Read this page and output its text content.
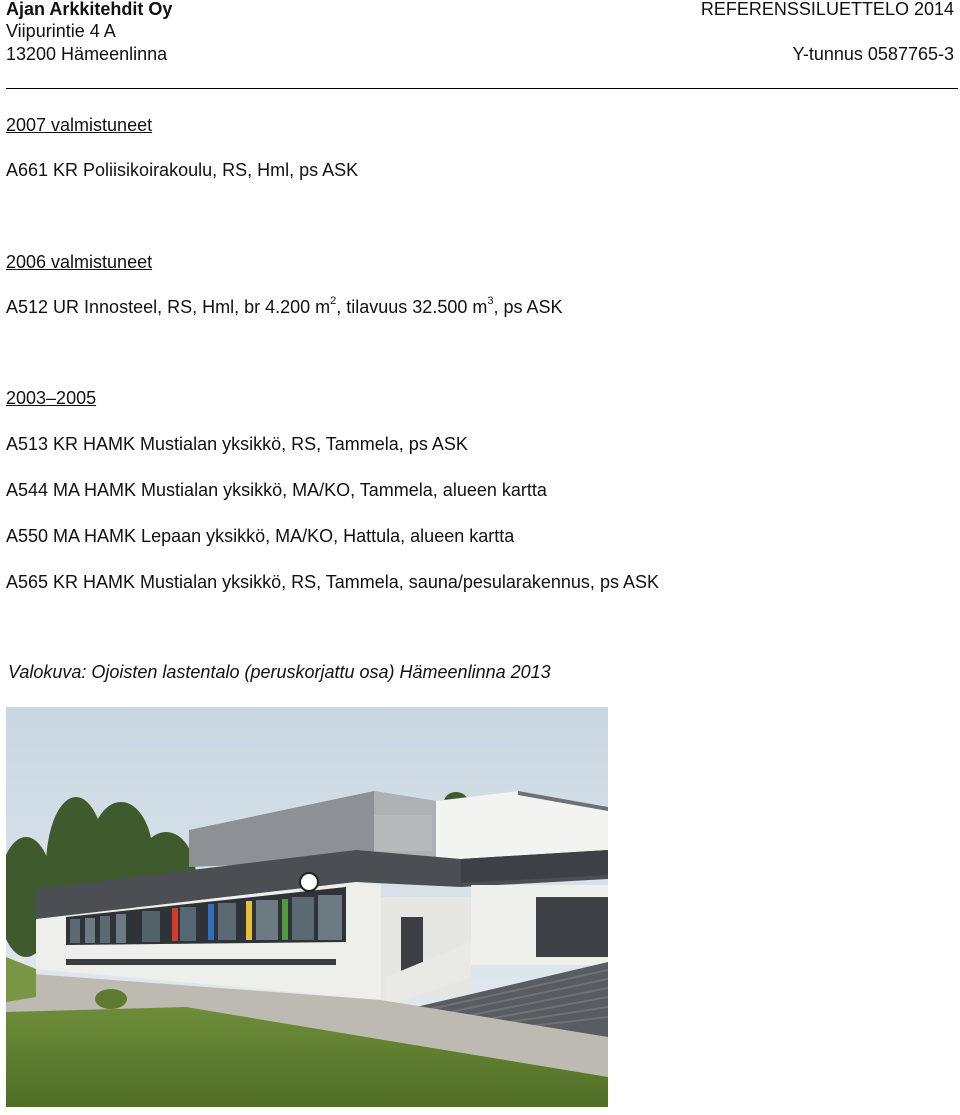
Ajan Arkkitehdit Oy
Viipurintie 4 A
13200 Hämeenlinna
REFERENSSILUETTELO 2014
Y-tunnus 0587765-3
2007 valmistuneet
A661 KR Poliisikoirakoulu, RS, Hml, ps ASK
2006 valmistuneet
A512 UR Innosteel, RS, Hml, br 4.200 $m^2$, tilavuus 32.500 $m^3$, ps ASK
2003–2005
A513 KR HAMK Mustialan yksikkö, RS, Tammela, ps ASK
A544 MA HAMK Mustialan yksikkö, MA/KO, Tammela, alueen kartta
A550 MA HAMK Lepaan yksikkö, MA/KO, Hattula, alueen kartta
A565 KR HAMK Mustialan yksikkö, RS, Tammela, sauna/pesularakennus, ps ASK
Valokuva: Ojoisten lastentalo (peruskorjattu osa) Hämeenlinna 2013
